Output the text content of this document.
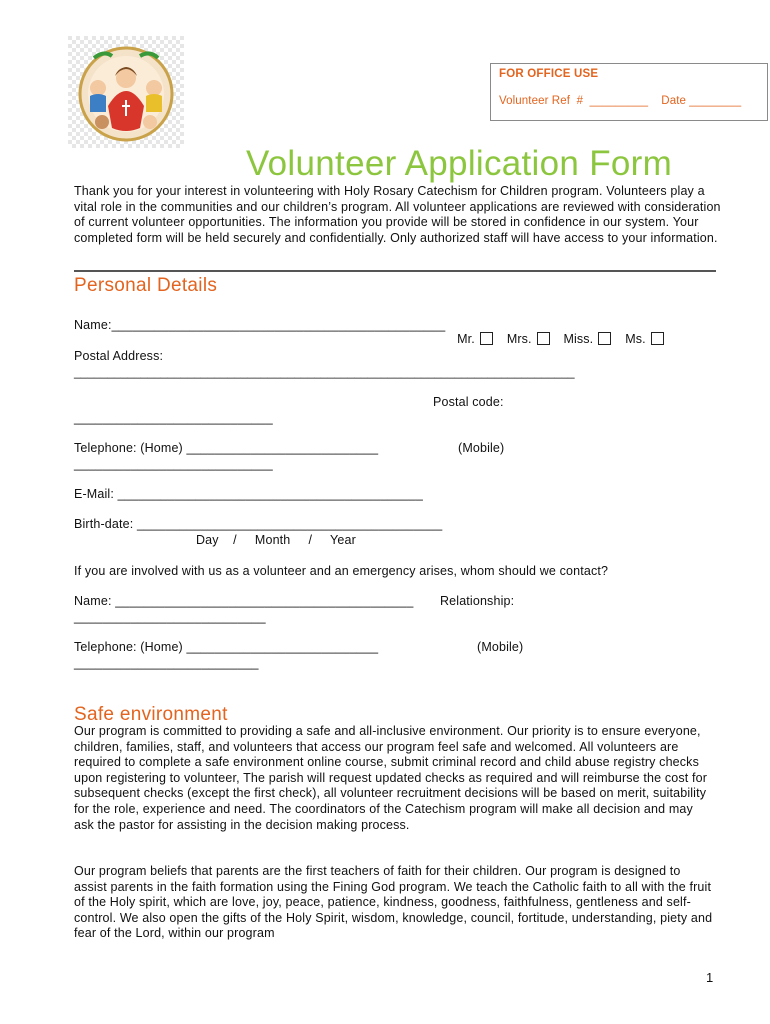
FOR OFFICE USE
Volunteer Ref  #  _________    Date ________
Volunteer Application Form
Thank you for your interest in volunteering with Holy Rosary Catechism for Children program. Volunteers play a vital role in the communities and our children’s program. All volunteer applications are reviewed with consideration of current volunteer opportunities. The information you provide will be stored in confidence in our system. Your completed form will be held securely and confidentially. Only authorized staff will have access to your information.
Personal Details
Name:_______________________________________________

Mr.	Mrs.	Miss.	Ms.

Postal Address:
___________________________________________________________________________
Postal code:
____________________________
Telephone: (Home) ___________________________	(Mobile)
____________________________
E-Mail: ___________________________________________
Birth-date: ___________________________________________
Day    /     Month     /     Year
If you are involved with us as a volunteer and an emergency arises, whom should we contact?
Name: __________________________________________ Relationship:
___________________________
Telephone: (Home) ___________________________	(Mobile)
__________________________
Safe environment
Our program is committed to providing a safe and all-inclusive environment. Our priority is to ensure everyone, children, families, staff, and volunteers that access our program feel safe and welcomed. All volunteers are required to complete a safe environment online course, submit criminal record and child abuse registry checks upon registering to volunteer, The parish will request updated checks as required and will reimburse the cost for subsequent checks (except the first check), all volunteer recruitment decisions will be based on merit, suitability for the role, experience and need. The coordinators of the Catechism program will make all decision and may ask the pastor for assisting in the decision making process.
Our program beliefs that parents are the first teachers of faith for their children. Our program is designed to assist parents in the faith formation using the Fining God program. We teach the Catholic faith to all with the fruit of the Holy spirit, which are love, joy, peace, patience, kindness, goodness, faithfulness, gentleness and self-control. We also open the gifts of the Holy Spirit, wisdom, knowledge, council, fortitude, understanding, piety and fear of the Lord, within our program
1
